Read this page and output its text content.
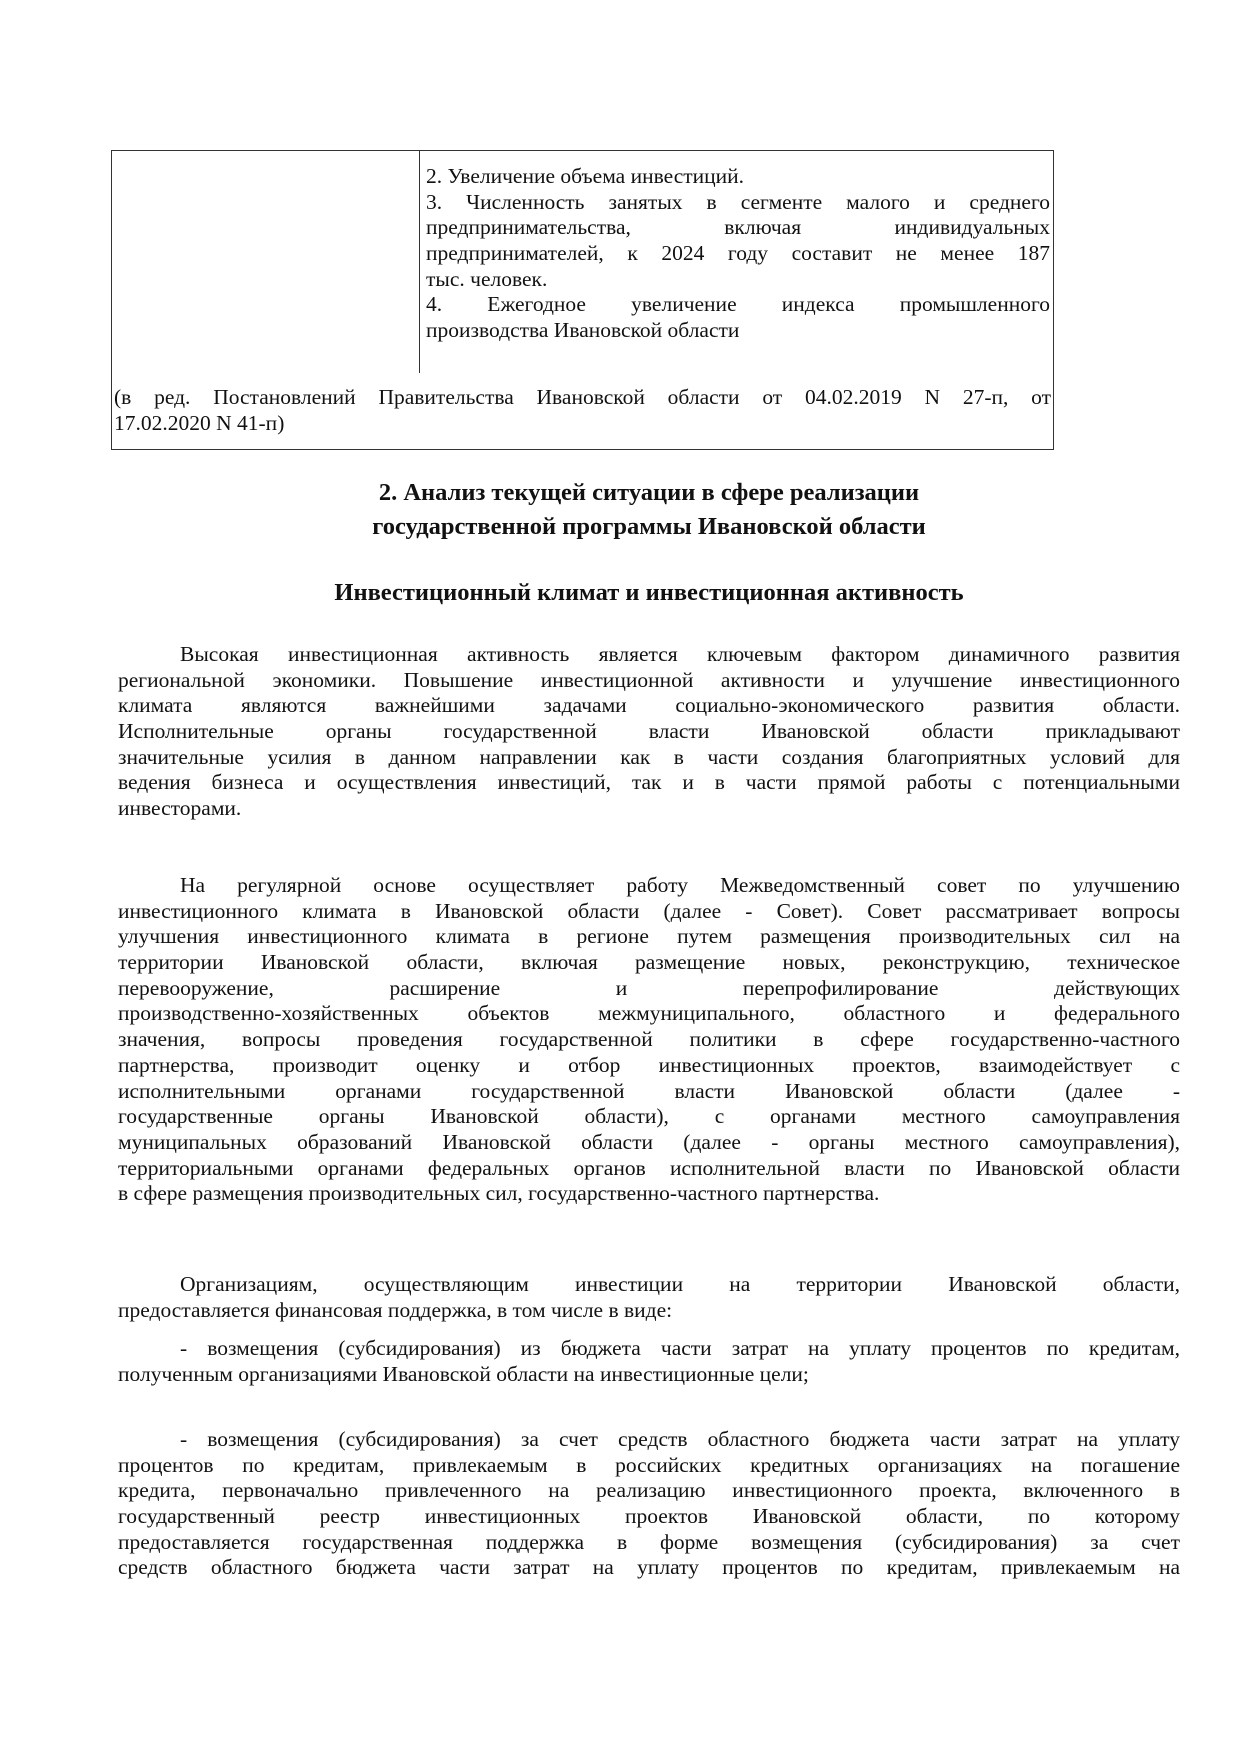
2. Увеличение объема инвестиций.
3. Численность занятых в сегменте малого и среднего
предпринимательства, включая индивидуальных
предпринимателей, к 2024 году составит не менее 187
тыс. человек.
4. Ежегодное увеличение индекса промышленного
производства Ивановской области
(в ред. Постановлений Правительства Ивановской области от 04.02.2019 N 27-п, от
17.02.2020 N 41-п)
2. Анализ текущей ситуации в сфере реализации
государственной программы Ивановской области
Инвестиционный климат и инвестиционная активность
Высокая инвестиционная активность является ключевым фактором динамичного развития
региональной экономики. Повышение инвестиционной активности и улучшение инвестиционного
климата являются важнейшими задачами социально-экономического развития области.
Исполнительные органы государственной власти Ивановской области прикладывают
значительные усилия в данном направлении как в части создания благоприятных условий для
ведения бизнеса и осуществления инвестиций, так и в части прямой работы с потенциальными
инвесторами.
На регулярной основе осуществляет работу Межведомственный совет по улучшению
инвестиционного климата в Ивановской области (далее - Совет). Совет рассматривает вопросы
улучшения инвестиционного климата в регионе путем размещения производительных сил на
территории Ивановской области, включая размещение новых, реконструкцию, техническое
перевооружение, расширение и перепрофилирование действующих
производственно-хозяйственных объектов межмуниципального, областного и федерального
значения, вопросы проведения государственной политики в сфере государственно-частного
партнерства, производит оценку и отбор инвестиционных проектов, взаимодействует с
исполнительными органами государственной власти Ивановской области (далее -
государственные органы Ивановской области), с органами местного самоуправления
муниципальных образований Ивановской области (далее - органы местного самоуправления),
территориальными органами федеральных органов исполнительной власти по Ивановской области
в сфере размещения производительных сил, государственно-частного партнерства.
Организациям, осуществляющим инвестиции на территории Ивановской области,
предоставляется финансовая поддержка, в том числе в виде:
- возмещения (субсидирования) из бюджета части затрат на уплату процентов по кредитам,
полученным организациями Ивановской области на инвестиционные цели;
- возмещения (субсидирования) за счет средств областного бюджета части затрат на уплату
процентов по кредитам, привлекаемым в российских кредитных организациях на погашение
кредита, первоначально привлеченного на реализацию инвестиционного проекта, включенного в
государственный реестр инвестиционных проектов Ивановской области, по которому
предоставляется государственная поддержка в форме возмещения (субсидирования) за счет
средств областного бюджета части затрат на уплату процентов по кредитам, привлекаемым на
